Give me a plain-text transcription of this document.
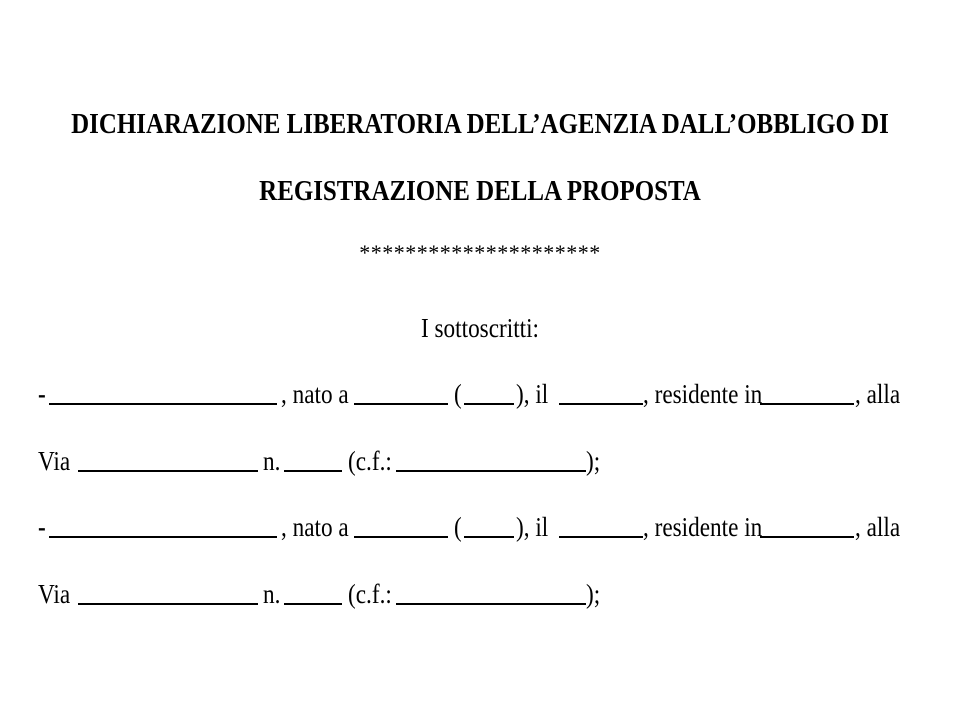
DICHIARAZIONE LIBERATORIA DELL’AGENZIA DALL’OBBLIGO DI
REGISTRAZIONE DELLA PROPOSTA
*********************
I sottoscritti:
-	, nato a	( ), il	, residente in	, alla
Via	n.	(c.f.:	);
-	, nato a	( ), il	, residente in	, alla
Via	n.	(c.f.:	);
